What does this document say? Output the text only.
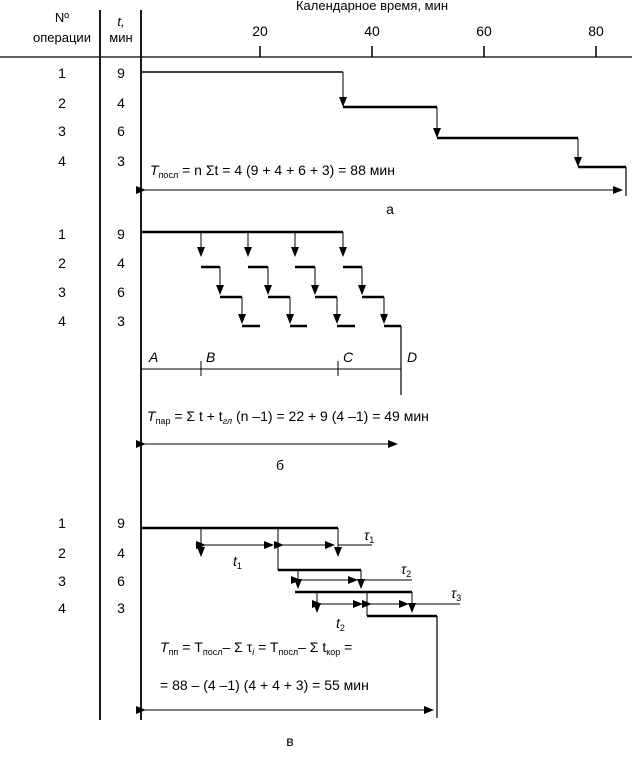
Nº
операции
t,
мин
Календарное время, мин
20	40	60	80
1	9
2	4
3	6
4	3
$T_{посл} = n$ Σt = 4 (9 + 4 + 6 + 3) = 88 мин
а
1	9
2	4
3	6
4	3
A	B	C	D
$T_{пар} = \Sigma$ $t + t_{гл}$ (n –1) = 22 + 9 (4 –1) = 49 мин
б
1	9
2	4
3	6
4	3
$t_1$
$\tau_1$
$\tau_2$
$\tau_3$
$t_2$
$T_{пп} = T_{посл}-$ Σ $\tau_i = T_{посл}-$ Σ $t_{кор}$ =
= 88 – (4 –1) (4 + 4 + 3) = 55 мин
в
